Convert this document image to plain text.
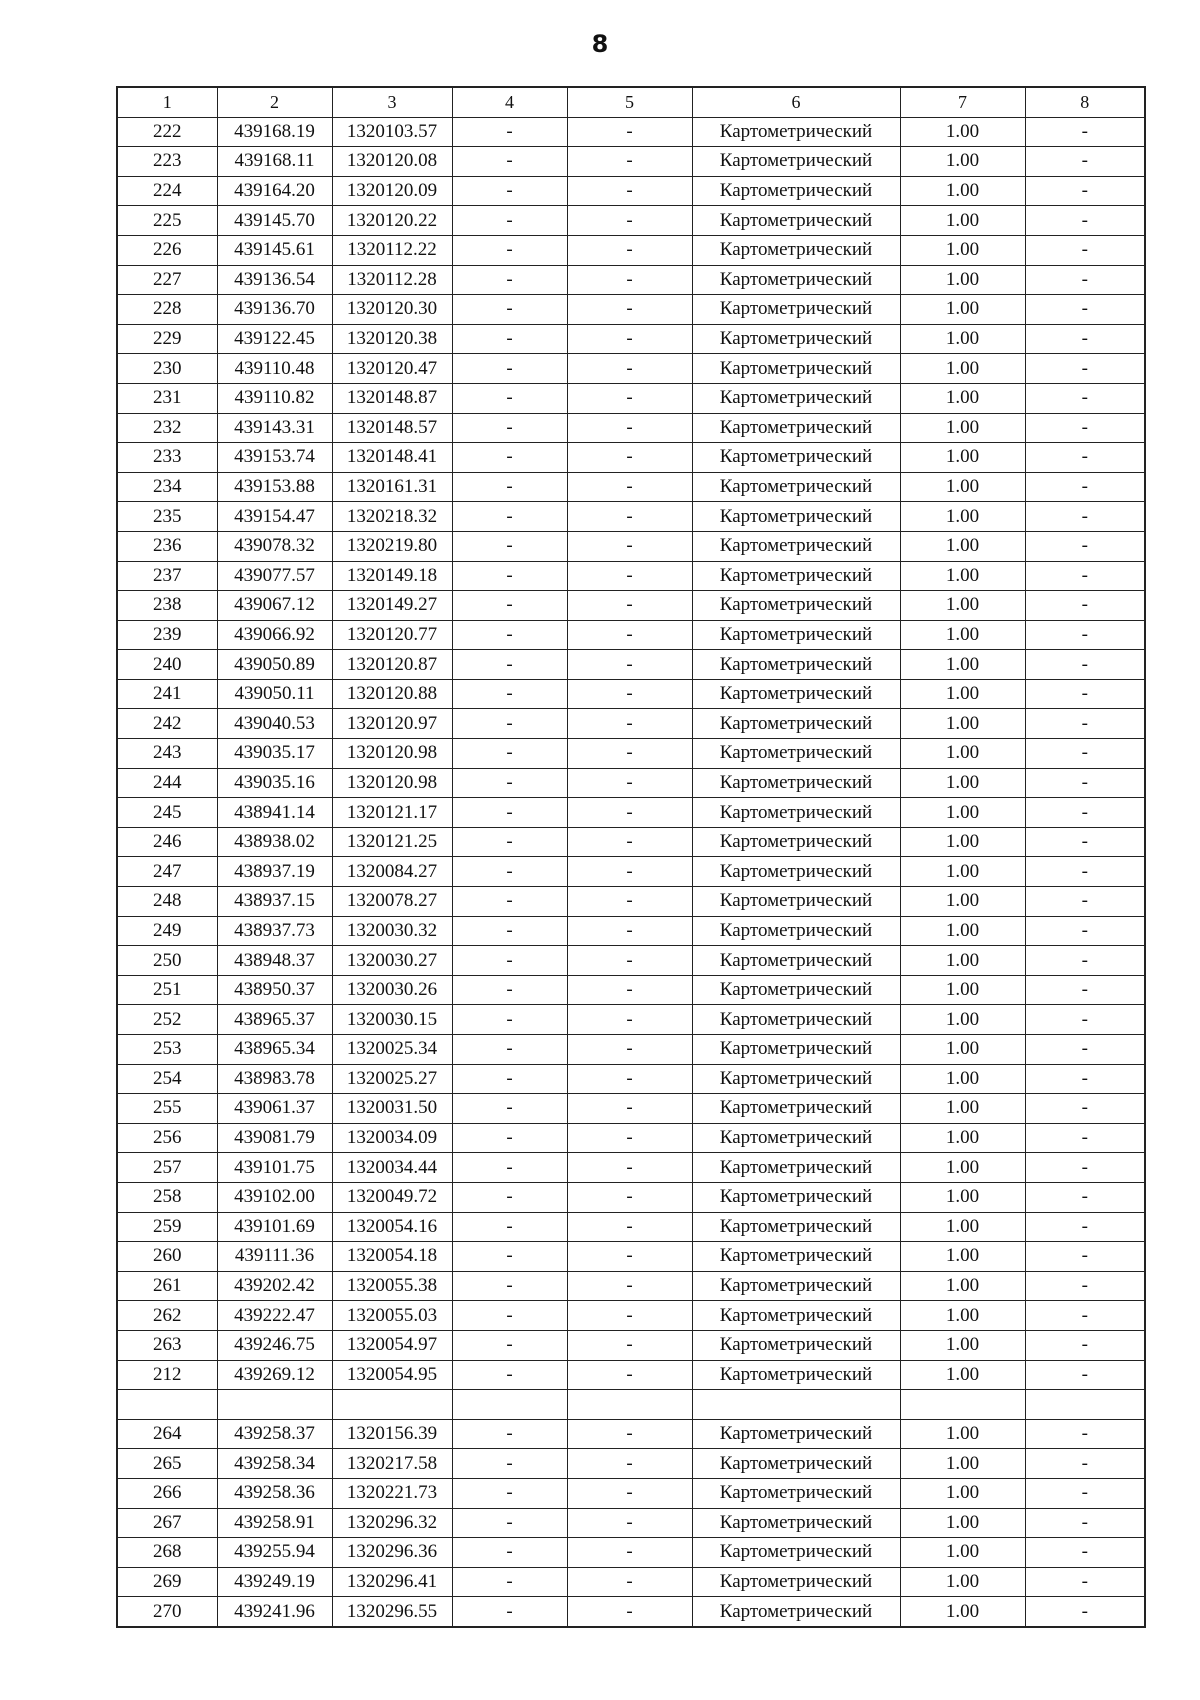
8
1	2	3	4	5	6	7	8
222	439168.19	1320103.57	-	-	Картометрический	1.00	-
223	439168.11	1320120.08	-	-	Картометрический	1.00	-
224	439164.20	1320120.09	-	-	Картометрический	1.00	-
225	439145.70	1320120.22	-	-	Картометрический	1.00	-
226	439145.61	1320112.22	-	-	Картометрический	1.00	-
227	439136.54	1320112.28	-	-	Картометрический	1.00	-
228	439136.70	1320120.30	-	-	Картометрический	1.00	-
229	439122.45	1320120.38	-	-	Картометрический	1.00	-
230	439110.48	1320120.47	-	-	Картометрический	1.00	-
231	439110.82	1320148.87	-	-	Картометрический	1.00	-
232	439143.31	1320148.57	-	-	Картометрический	1.00	-
233	439153.74	1320148.41	-	-	Картометрический	1.00	-
234	439153.88	1320161.31	-	-	Картометрический	1.00	-
235	439154.47	1320218.32	-	-	Картометрический	1.00	-
236	439078.32	1320219.80	-	-	Картометрический	1.00	-
237	439077.57	1320149.18	-	-	Картометрический	1.00	-
238	439067.12	1320149.27	-	-	Картометрический	1.00	-
239	439066.92	1320120.77	-	-	Картометрический	1.00	-
240	439050.89	1320120.87	-	-	Картометрический	1.00	-
241	439050.11	1320120.88	-	-	Картометрический	1.00	-
242	439040.53	1320120.97	-	-	Картометрический	1.00	-
243	439035.17	1320120.98	-	-	Картометрический	1.00	-
244	439035.16	1320120.98	-	-	Картометрический	1.00	-
245	438941.14	1320121.17	-	-	Картометрический	1.00	-
246	438938.02	1320121.25	-	-	Картометрический	1.00	-
247	438937.19	1320084.27	-	-	Картометрический	1.00	-
248	438937.15	1320078.27	-	-	Картометрический	1.00	-
249	438937.73	1320030.32	-	-	Картометрический	1.00	-
250	438948.37	1320030.27	-	-	Картометрический	1.00	-
251	438950.37	1320030.26	-	-	Картометрический	1.00	-
252	438965.37	1320030.15	-	-	Картометрический	1.00	-
253	438965.34	1320025.34	-	-	Картометрический	1.00	-
254	438983.78	1320025.27	-	-	Картометрический	1.00	-
255	439061.37	1320031.50	-	-	Картометрический	1.00	-
256	439081.79	1320034.09	-	-	Картометрический	1.00	-
257	439101.75	1320034.44	-	-	Картометрический	1.00	-
258	439102.00	1320049.72	-	-	Картометрический	1.00	-
259	439101.69	1320054.16	-	-	Картометрический	1.00	-
260	439111.36	1320054.18	-	-	Картометрический	1.00	-
261	439202.42	1320055.38	-	-	Картометрический	1.00	-
262	439222.47	1320055.03	-	-	Картометрический	1.00	-
263	439246.75	1320054.97	-	-	Картометрический	1.00	-
212	439269.12	1320054.95	-	-	Картометрический	1.00	-

264	439258.37	1320156.39	-	-	Картометрический	1.00	-
265	439258.34	1320217.58	-	-	Картометрический	1.00	-
266	439258.36	1320221.73	-	-	Картометрический	1.00	-
267	439258.91	1320296.32	-	-	Картометрический	1.00	-
268	439255.94	1320296.36	-	-	Картометрический	1.00	-
269	439249.19	1320296.41	-	-	Картометрический	1.00	-
270	439241.96	1320296.55	-	-	Картометрический	1.00	-
